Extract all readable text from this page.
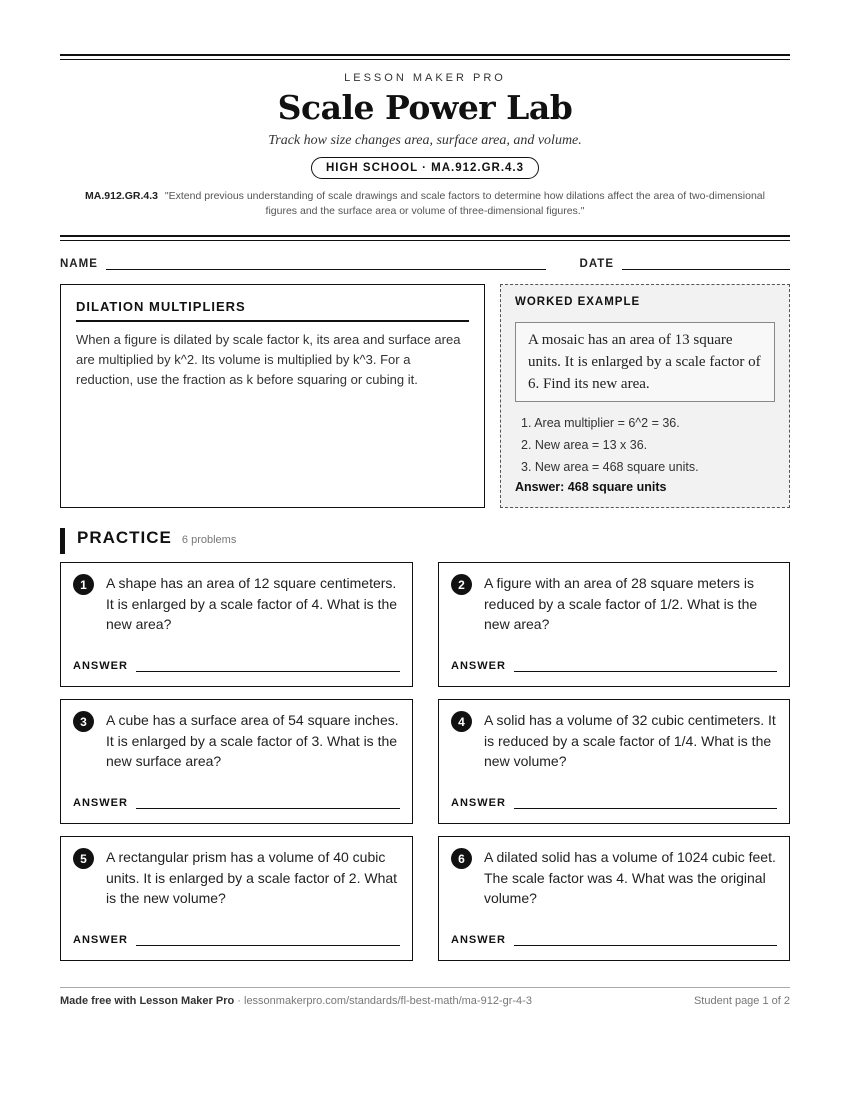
LESSON MAKER PRO
Scale Power Lab
Track how size changes area, surface area, and volume.
HIGH SCHOOL · MA.912.GR.4.3
MA.912.GR.4.3 "Extend previous understanding of scale drawings and scale factors to determine how dilations affect the area of two-dimensional figures and the surface area or volume of three-dimensional figures."
NAME	DATE
DILATION MULTIPLIERS
When a figure is dilated by scale factor k, its area and surface area are multiplied by k^2. Its volume is multiplied by k^3. For a reduction, use the fraction as k before squaring or cubing it.
WORKED EXAMPLE
A mosaic has an area of 13 square units. It is enlarged by a scale factor of 6. Find its new area.
1. Area multiplier = 6^2 = 36.
2. New area = 13 x 36.
3. New area = 468 square units.
Answer: 468 square units
PRACTICE 6 problems
1	A shape has an area of 12 square centimeters. It is enlarged by a scale factor of 4. What is the new area?
ANSWER
2	A figure with an area of 28 square meters is reduced by a scale factor of 1/2. What is the new area?
ANSWER
3	A cube has a surface area of 54 square inches. It is enlarged by a scale factor of 3. What is the new surface area?
ANSWER
4	A solid has a volume of 32 cubic centimeters. It is reduced by a scale factor of 1/4. What is the new volume?
ANSWER
5	A rectangular prism has a volume of 40 cubic units. It is enlarged by a scale factor of 2. What is the new volume?
ANSWER
6	A dilated solid has a volume of 1024 cubic feet. The scale factor was 4. What was the original volume?
ANSWER
Made free with Lesson Maker Pro · lessonmakerpro.com/standards/fl-best-math/ma-912-gr-4-3	Student page 1 of 2
